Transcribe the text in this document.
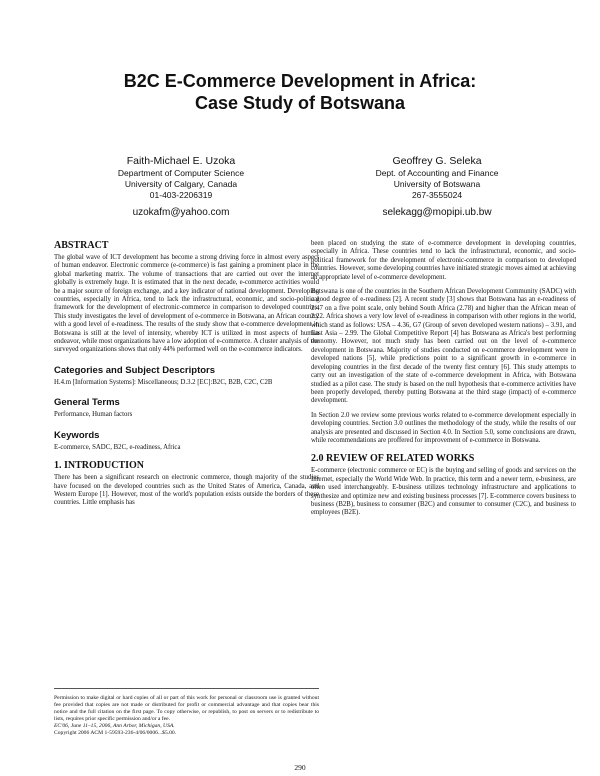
B2C E-Commerce Development in Africa:
Case Study of Botswana
Faith-Michael E. Uzoka
Department of Computer Science
University of Calgary, Canada
01-403-2206319
uzokafm@yahoo.com
Geoffrey G. Seleka
Dept. of Accounting and Finance
University of Botswana
267-3555024
selekagg@mopipi.ub.bw
ABSTRACT

The global wave of ICT development has become a strong driving force in almost every aspect of human endeavor. Electronic commerce (e-commerce) is fast gaining a prominent place in the global marketing matrix. The volume of transactions that are carried out over the internet globally is extremely huge. It is estimated that in the next decade, e-commerce activities would be a major source of foreign exchange, and a key indicator of national development. Developing countries, especially in Africa, tend to lack the infrastructural, economic, and socio-political framework for the development of electronic-commerce in comparison to developed countries. This study investigates the level of development of e-commerce in Botswana, an African country with a good level of e-readiness. The results of the study show that e-commerce development in Botswana is still at the level of intensity, whereby ICT is utilized in most aspects of human endeavor, while most organizations have a low adoption of e-commerce. A cluster analysis of the surveyed organizations shows that only 44% performed well on the e-commerce indicators.

Categories and Subject Descriptors

H.4.m [Information Systems]: Miscellaneous; D.3.2 [EC]:B2C, B2B, C2C, C2B

General Terms

Performance, Human factors

Keywords

E-commerce, SADC, B2C, e-readiness, Africa

1. INTRODUCTION

There has been a significant research on electronic commerce, though majority of the studies have focused on the developed countries such as the United States of America, Canada, and Western Europe [1]. However, most of the world's population exists outside the borders of these countries. Little emphasis has

Permission to make digital or hard copies of all or part of this work for personal or classroom use is granted without fee provided that copies are not made or distributed for profit or commercial advantage and that copies bear this notice and the full citation on the first page. To copy otherwise, or republish, to post on servers or to redistribute to lists, requires prior specific permission and/or a fee.

EC'06, June 11–15, 2006, Ann Arbor, Michigan, USA.

Copyright 2006 ACM 1-59593-236-4/06/0006...$5.00.

been placed on studying the state of e-commerce development in developing countries, especially in Africa. These countries tend to lack the infrastructural, economic, and socio-political framework for the development of electronic-commerce in comparison to developed countries. However, some developing countries have initiated strategic moves aimed at achieving an appropriate level of e-commerce development.

Botswana is one of the countries in the Southern African Development Community (SADC) with a good degree of e-readiness [2]. A recent study [3] shows that Botswana has an e-readiness of 2.47 on a five point scale, only behind South Africa (2.78) and higher than the African mean of 2.22. Africa shows a very low level of e-readiness in comparison with other regions in the world, which stand as follows: USA – 4.36, G7 (Group of seven developed western nations) – 3.91, and East Asia – 2.99. The Global Competitive Report [4] has Botswana as Africa's best performing economy. However, not much study has been carried out on the level of e-commerce development in Botswana. Majority of studies conducted on e-commerce development were in developed nations [5], while predictions point to a significant growth in e-commerce in developing countries in the first decade of the twenty first century [6]. This study attempts to carry out an investigation of the state of e-commerce development in Africa, with Botswana studied as a pilot case. The study is based on the null hypothesis that e-commerce activities have been properly developed, thereby putting Botswana at the third stage (impact) of e-commerce development.

In Section 2.0 we review some previous works related to e-commerce development especially in developing countries. Section 3.0 outlines the methodology of the study, while the results of our analysis are presented and discussed in Section 4.0. In Section 5.0, some conclusions are drawn, while recommendations are proffered for improvement of e-commerce in Botswana.

2.0 REVIEW OF RELATED WORKS

E-commerce (electronic commerce or EC) is the buying and selling of goods and services on the Internet, especially the World Wide Web. In practice, this term and a newer term, e-business, are often used interchangeably. E-business utilizes technology infrastructure and applications to synthesize and optimize new and existing business processes [7]. E-commerce covers business to business (B2B), business to consumer (B2C) and consumer to consumer (C2C), and business to employees (B2E).

290
